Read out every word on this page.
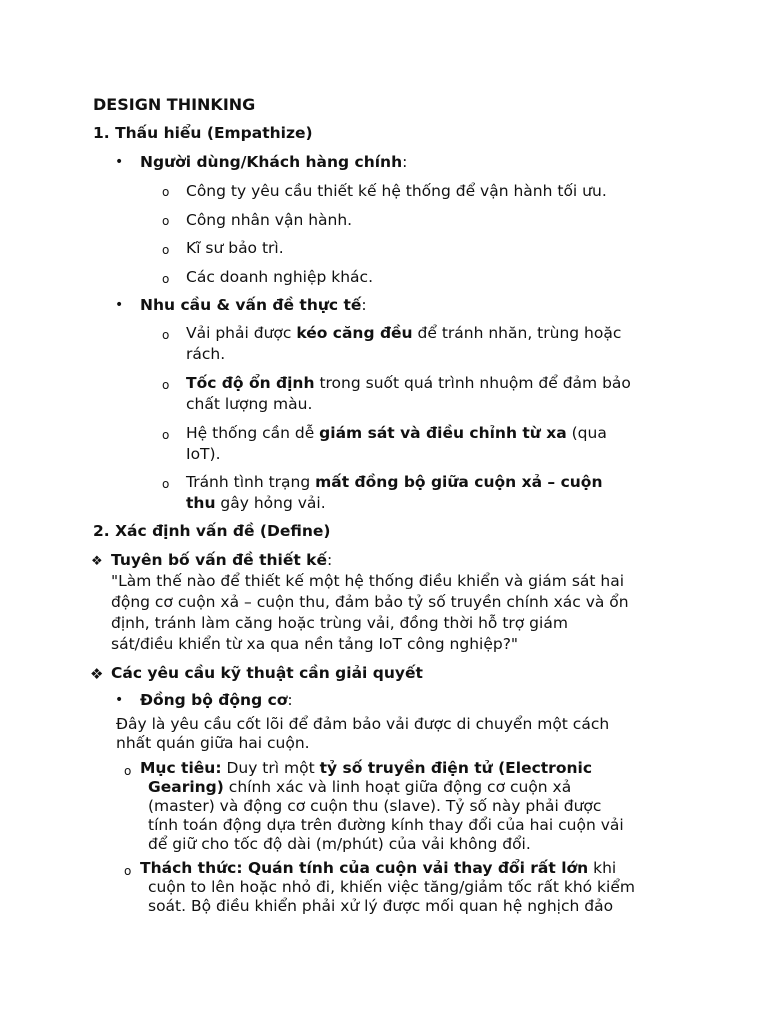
DESIGN THINKING
1. Thấu hiểu (Empathize)
• Người dùng/Khách hàng chính:
o Công ty yêu cầu thiết kế hệ thống để vận hành tối ưu.
o Công nhân vận hành.
o Kĩ sư bảo trì.
o Các doanh nghiệp khác.
• Nhu cầu & vấn đề thực tế:
o Vải phải được kéo căng đều để tránh nhăn, trùng hoặc
rách.
o Tốc độ ổn định trong suốt quá trình nhuộm để đảm bảo
chất lượng màu.
o Hệ thống cần dễ giám sát và điều chỉnh từ xa (qua
IoT).
o Tránh tình trạng mất đồng bộ giữa cuộn xả – cuộn
thu gây hỏng vải.
2. Xác định vấn đề (Define)
❖ Tuyên bố vấn đề thiết kế:
"Làm thế nào để thiết kế một hệ thống điều khiển và giám sát hai
động cơ cuộn xả – cuộn thu, đảm bảo tỷ số truyền chính xác và ổn
định, tránh làm căng hoặc trùng vải, đồng thời hỗ trợ giám
sát/điều khiển từ xa qua nền tảng IoT công nghiệp?"
❖ Các yêu cầu kỹ thuật cần giải quyết
• Đồng bộ động cơ:
Đây là yêu cầu cốt lõi để đảm bảo vải được di chuyển một cách
nhất quán giữa hai cuộn.
o Mục tiêu: Duy trì một tỷ số truyền điện tử (Electronic
Gearing) chính xác và linh hoạt giữa động cơ cuộn xả
(master) và động cơ cuộn thu (slave). Tỷ số này phải được
tính toán động dựa trên đường kính thay đổi của hai cuộn vải
để giữ cho tốc độ dài (m/phút) của vải không đổi.
o Thách thức: Quán tính của cuộn vải thay đổi rất lớn khi
cuộn to lên hoặc nhỏ đi, khiến việc tăng/giảm tốc rất khó kiểm
soát. Bộ điều khiển phải xử lý được mối quan hệ nghịch đảo
